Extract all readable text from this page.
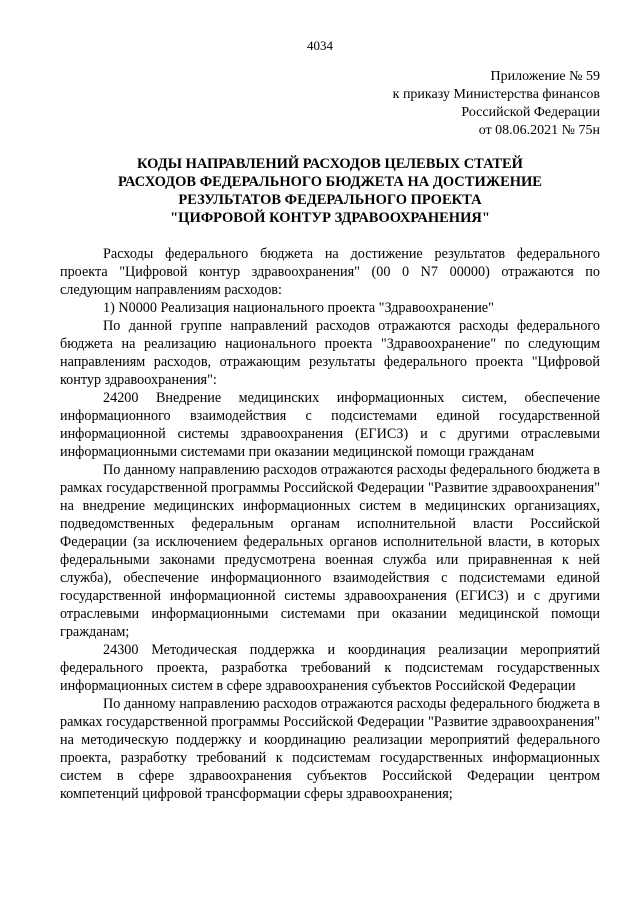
4034
Приложение № 59
к приказу Министерства финансов
Российской Федерации
от 08.06.2021 № 75н
КОДЫ НАПРАВЛЕНИЙ РАСХОДОВ ЦЕЛЕВЫХ СТАТЕЙ
РАСХОДОВ ФЕДЕРАЛЬНОГО БЮДЖЕТА НА ДОСТИЖЕНИЕ
РЕЗУЛЬТАТОВ ФЕДЕРАЛЬНОГО ПРОЕКТА
"ЦИФРОВОЙ КОНТУР ЗДРАВООХРАНЕНИЯ"

Расходы федерального бюджета на достижение результатов федерального проекта "Цифровой контур здравоохранения" (00 0 N7 00000) отражаются по следующим направлениям расходов:

1) N0000 Реализация национального проекта "Здравоохранение"

По данной группе направлений расходов отражаются расходы федерального бюджета на реализацию национального проекта "Здравоохранение" по следующим направлениям расходов, отражающим результаты федерального проекта "Цифровой контур здравоохранения":

24200 Внедрение медицинских информационных систем, обеспечение информационного взаимодействия с подсистемами единой государственной информационной системы здравоохранения (ЕГИСЗ) и с другими отраслевыми информационными системами при оказании медицинской помощи гражданам

По данному направлению расходов отражаются расходы федерального бюджета в рамках государственной программы Российской Федерации "Развитие здравоохранения" на внедрение медицинских информационных систем в медицинских организациях, подведомственных федеральным органам исполнительной власти Российской Федерации (за исключением федеральных органов исполнительной власти, в которых федеральными законами предусмотрена военная служба или приравненная к ней служба), обеспечение информационного взаимодействия с подсистемами единой государственной информационной системы здравоохранения (ЕГИСЗ) и с другими отраслевыми информационными системами при оказании медицинской помощи гражданам;

24300 Методическая поддержка и координация реализации мероприятий федерального проекта, разработка требований к подсистемам государственных информационных систем в сфере здравоохранения субъектов Российской Федерации

По данному направлению расходов отражаются расходы федерального бюджета в рамках государственной программы Российской Федерации "Развитие здравоохранения" на методическую поддержку и координацию реализации мероприятий федерального проекта, разработку требований к подсистемам государственных информационных систем в сфере здравоохранения субъектов Российской Федерации центром компетенций цифровой трансформации сферы здравоохранения;
